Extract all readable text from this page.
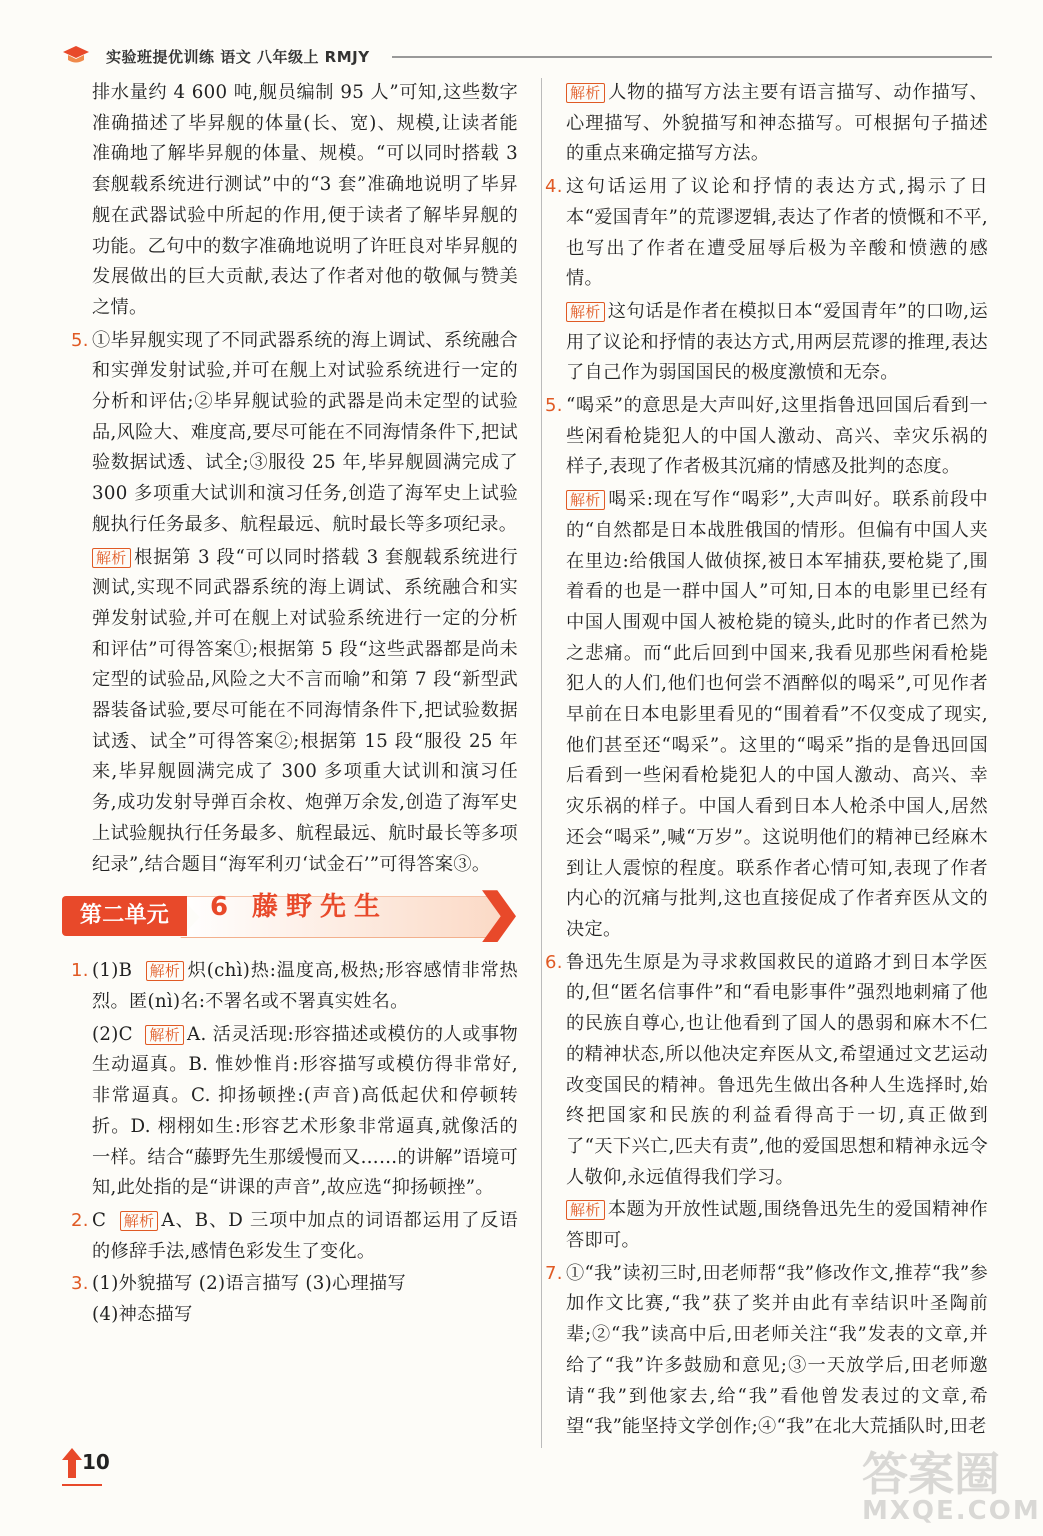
实验班提优训练 语文 八年级上 RMJY

排水量约 4 600 吨,舰员编制 95 人”可知,这些数字准确描述了毕昇舰的体量(长、宽)、规模,让读者能准确地了解毕昇舰的体量、规模。“可以同时搭载 3 套舰载系统进行测试”中的“3 套”准确地说明了毕昇舰在武器试验中所起的作用,便于读者了解毕昇舰的功能。乙句中的数字准确地说明了许旺良对毕昇舰的发展做出的巨大贡献,表达了作者对他的敬佩与赞美之情。

5. ①毕昇舰实现了不同武器系统的海上调试、系统融合和实弹发射试验,并可在舰上对试验系统进行一定的分析和评估;②毕昇舰试验的武器是尚未定型的试验品,风险大、难度高,要尽可能在不同海情条件下,把试验数据试透、试全;③服役 25 年,毕昇舰圆满完成了 300 多项重大试训和演习任务,创造了海军史上试验舰执行任务最多、航程最远、航时最长等多项纪录。
解析 根据第 3 段“可以同时搭载 3 套舰载系统进行测试,实现不同武器系统的海上调试、系统融合和实弹发射试验,并可在舰上对试验系统进行一定的分析和评估”可得答案①;根据第 5 段“这些武器都是尚未定型的试验品,风险之大不言而喻”和第 7 段“新型武器装备试验,要尽可能在不同海情条件下,把试验数据试透、试全”可得答案②;根据第 15 段“服役 25 年来,毕昇舰圆满完成了 300 多项重大试训和演习任务,成功发射导弹百余枚、炮弹万余发,创造了海军史上试验舰执行任务最多、航程最远、航时最长等多项纪录”,结合题目“海军利刃‘试金石’”可得答案③。
第二单元	6 藤野先生
1. (1)B 解析 炽(chì)热:温度高,极热;形容感情非常热烈。匿(nì)名:不署名或不署真实姓名。
(2)C 解析 A. 活灵活现:形容描述或模仿的人或事物生动逼真。B. 惟妙惟肖:形容描写或模仿得非常好,非常逼真。C. 抑扬顿挫:(声音)高低起伏和停顿转折。D. 栩栩如生:形容艺术形象非常逼真,就像活的一样。结合“藤野先生那缓慢而又……的讲解”语境可知,此处指的是“讲课的声音”,故应选“抑扬顿挫”。
2. C 解析 A、B、D 三项中加点的词语都运用了反语的修辞手法,感情色彩发生了变化。
3. (1)外貌描写 (2)语言描写 (3)心理描写
(4)神态描写
解析 人物的描写方法主要有语言描写、动作描写、心理描写、外貌描写和神态描写。可根据句子描述的重点来确定描写方法。
4. 这句话运用了议论和抒情的表达方式,揭示了日本“爱国青年”的荒谬逻辑,表达了作者的愤慨和不平,也写出了作者在遭受屈辱后极为辛酸和愤懑的感情。
解析 这句话是作者在模拟日本“爱国青年”的口吻,运用了议论和抒情的表达方式,用两层荒谬的推理,表达了自己作为弱国国民的极度激愤和无奈。
5. “喝采”的意思是大声叫好,这里指鲁迅回国后看到一些闲看枪毙犯人的中国人激动、高兴、幸灾乐祸的样子,表现了作者极其沉痛的情感及批判的态度。
解析 喝采:现在写作“喝彩”,大声叫好。联系前段中的“自然都是日本战胜俄国的情形。但偏有中国人夹在里边:给俄国人做侦探,被日本军捕获,要枪毙了,围着看的也是一群中国人”可知,日本的电影里已经有中国人围观中国人被枪毙的镜头,此时的作者已然为之悲痛。而“此后回到中国来,我看见那些闲看枪毙犯人的人们,他们也何尝不酒醉似的喝采”,可见作者早前在日本电影里看见的“围着看”不仅变成了现实,他们甚至还“喝采”。这里的“喝采”指的是鲁迅回国后看到一些闲看枪毙犯人的中国人激动、高兴、幸灾乐祸的样子。中国人看到日本人枪杀中国人,居然还会“喝采”,喊“万岁”。这说明他们的精神已经麻木到让人震惊的程度。联系作者心情可知,表现了作者内心的沉痛与批判,这也直接促成了作者弃医从文的决定。
6. 鲁迅先生原是为寻求救国救民的道路才到日本学医的,但“匿名信事件”和“看电影事件”强烈地刺痛了他的民族自尊心,也让他看到了国人的愚弱和麻木不仁的精神状态,所以他决定弃医从文,希望通过文艺运动改变国民的精神。鲁迅先生做出各种人生选择时,始终把国家和民族的利益看得高于一切,真正做到了“天下兴亡,匹夫有责”,他的爱国思想和精神永远令人敬仰,永远值得我们学习。
解析 本题为开放性试题,围绕鲁迅先生的爱国精神作答即可。
7. ①“我”读初三时,田老师帮“我”修改作文,推荐“我”参加作文比赛,“我”获了奖并由此有幸结识叶圣陶前辈;②“我”读高中后,田老师关注“我”发表的文章,并给了“我”许多鼓励和意见;③一天放学后,田老师邀请“我”到他家去,给“我”看他曾发表过的文章,希望“我”能坚持文学创作;④“我”在北大荒插队时,田老
10	答案圈
MXQE.COM
